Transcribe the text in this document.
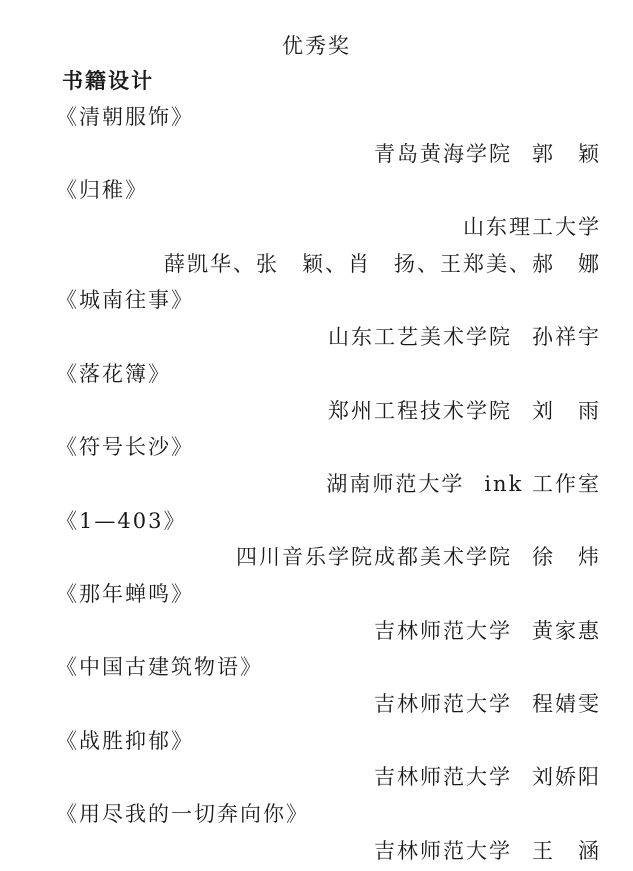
优秀奖
书籍设计
《清朝服饰》
青岛黄海学院 郭　颖
《归稚》
山东理工大学
薛凯华、张　颖、肖　扬、王郑美、郝　娜
《城南往事》
山东工艺美术学院 孙祥宇
《落花簿》
郑州工程技术学院 刘　雨
《符号长沙》
湖南师范大学 ink 工作室
《1—403》
四川音乐学院成都美术学院 徐　炜
《那年蝉鸣》
吉林师范大学 黄家惠
《中国古建筑物语》
吉林师范大学 程婧雯
《战胜抑郁》
吉林师范大学 刘娇阳
《用尽我的一切奔向你》
吉林师范大学 王　涵
